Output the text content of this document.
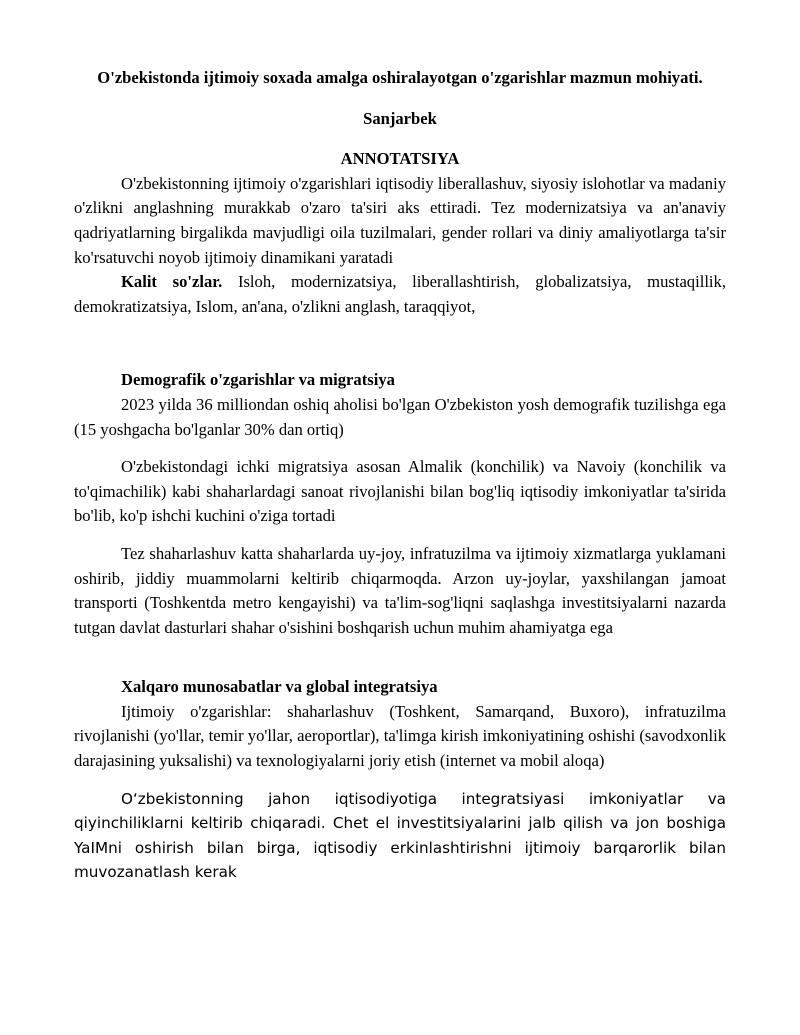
O'zbekistonda ijtimoiy soxada amalga oshiralayotgan o'zgarishlar mazmun mohiyati.

Sanjarbek

ANNOTATSIYA

O'zbekistonning ijtimoiy o'zgarishlari iqtisodiy liberallashuv, siyosiy islohotlar va madaniy o'zlikni anglashning murakkab o'zaro ta'siri aks ettiradi. Tez modernizatsiya va an'anaviy qadriyatlarning birgalikda mavjudligi oila tuzilmalari, gender rollari va diniy amaliyotlarga ta'sir ko'rsatuvchi noyob ijtimoiy dinamikani yaratadi

Kalit so'zlar. Isloh, modernizatsiya, liberallashtirish, globalizatsiya, mustaqillik, demokratizatsiya, Islom, an'ana, o'zlikni anglash, taraqqiyot,

Demografik o'zgarishlar va migratsiya

2023 yilda 36 milliondan oshiq aholisi bo'lgan O'zbekiston yosh demografik tuzilishga ega (15 yoshgacha bo'lganlar 30% dan ortiq)

O'zbekistondagi ichki migratsiya asosan Almalik (konchilik) va Navoiy (konchilik va to'qimachilik) kabi shaharlardagi sanoat rivojlanishi bilan bog'liq iqtisodiy imkoniyatlar ta'sirida bo'lib, ko'p ishchi kuchini o'ziga tortadi

Tez shaharlashuv katta shaharlarda uy-joy, infratuzilma va ijtimoiy xizmatlarga yuklamani oshirib, jiddiy muammolarni keltirib chiqarmoqda. Arzon uy-joylar, yaxshilangan jamoat transporti (Toshkentda metro kengayishi) va ta'lim-sog'liqni saqlashga investitsiyalarni nazarda tutgan davlat dasturlari shahar o'sishini boshqarish uchun muhim ahamiyatga ega

Xalqaro munosabatlar va global integratsiya

Ijtimoiy o'zgarishlar: shaharlashuv (Toshkent, Samarqand, Buxoro), infratuzilma rivojlanishi (yo'llar, temir yo'llar, aeroportlar), ta'limga kirish imkoniyatining oshishi (savodxonlik darajasining yuksalishi) va texnologiyalarni joriy etish (internet va mobil aloqa)

O‘zbekistonning jahon iqtisodiyotiga integratsiyasi imkoniyatlar va qiyinchiliklarni keltirib chiqaradi. Chet el investitsiyalarini jalb qilish va jon boshiga YaIMni oshirish bilan birga, iqtisodiy erkinlashtirishni ijtimoiy barqarorlik bilan muvozanatlash kerak
